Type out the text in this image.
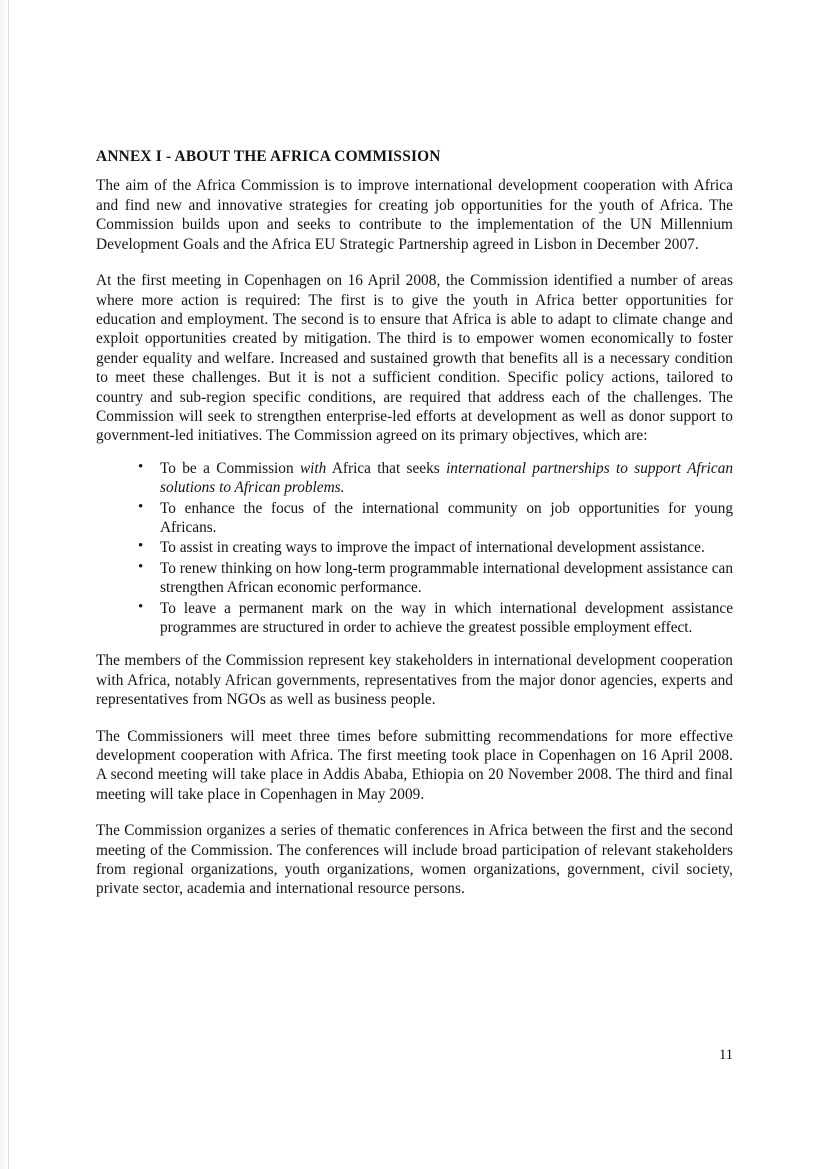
ANNEX I - ABOUT THE AFRICA COMMISSION

The aim of the Africa Commission is to improve international development cooperation with Africa and find new and innovative strategies for creating job opportunities for the youth of Africa. The Commission builds upon and seeks to contribute to the implementation of the UN Millennium Development Goals and the Africa EU Strategic Partnership agreed in Lisbon in December 2007.

At the first meeting in Copenhagen on 16 April 2008, the Commission identified a number of areas where more action is required: The first is to give the youth in Africa better opportunities for education and employment. The second is to ensure that Africa is able to adapt to climate change and exploit opportunities created by mitigation. The third is to empower women economically to foster gender equality and welfare. Increased and sustained growth that benefits all is a necessary condition to meet these challenges. But it is not a sufficient condition. Specific policy actions, tailored to country and sub-region specific conditions, are required that address each of the challenges. The Commission will seek to strengthen enterprise-led efforts at development as well as donor support to government-led initiatives. The Commission agreed on its primary objectives, which are:

• To be a Commission with Africa that seeks international partnerships to support African solutions to African problems.
• To enhance the focus of the international community on job opportunities for young Africans.
• To assist in creating ways to improve the impact of international development assistance.
• To renew thinking on how long-term programmable international development assistance can strengthen African economic performance.
• To leave a permanent mark on the way in which international development assistance programmes are structured in order to achieve the greatest possible employment effect.

The members of the Commission represent key stakeholders in international development cooperation with Africa, notably African governments, representatives from the major donor agencies, experts and representatives from NGOs as well as business people.

The Commissioners will meet three times before submitting recommendations for more effective development cooperation with Africa. The first meeting took place in Copenhagen on 16 April 2008. A second meeting will take place in Addis Ababa, Ethiopia on 20 November 2008. The third and final meeting will take place in Copenhagen in May 2009.

The Commission organizes a series of thematic conferences in Africa between the first and the second meeting of the Commission. The conferences will include broad participation of relevant stakeholders from regional organizations, youth organizations, women organizations, government, civil society, private sector, academia and international resource persons.

11
